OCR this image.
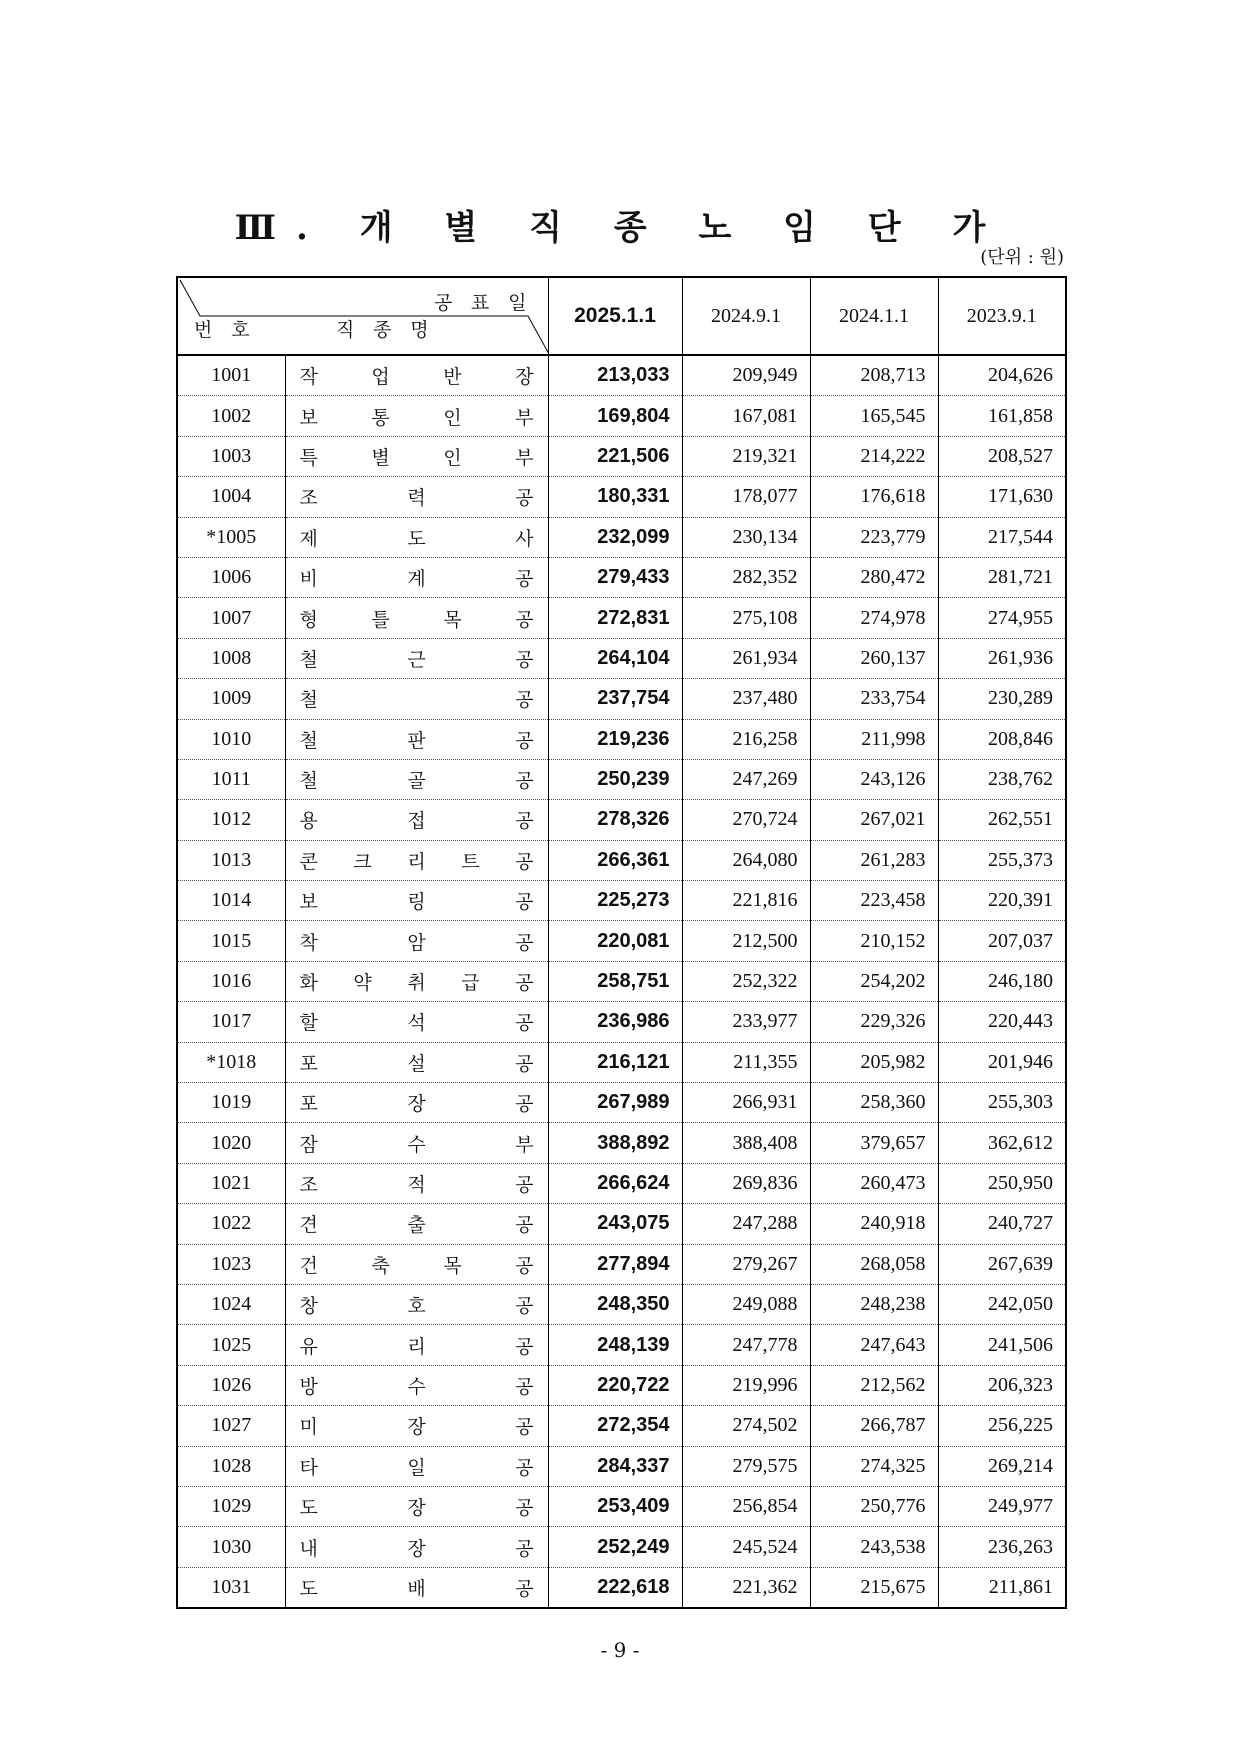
Ⅲ. 개 별 직 종 노 임 단 가
(단위 : 원)
공 표 일
번 호 직 종 명		2025.1.1	2024.9.1	2024.1.1	2023.9.1
1001	작 업 반 장	213,033	209,949	208,713	204,626
1002	보 통 인 부	169,804	167,081	165,545	161,858
1003	특 별 인 부	221,506	219,321	214,222	208,527
1004	조 력 공	180,331	178,077	176,618	171,630
*1005	제 도 사	232,099	230,134	223,779	217,544
1006	비 계 공	279,433	282,352	280,472	281,721
1007	형 틀 목 공	272,831	275,108	274,978	274,955
1008	철 근 공	264,104	261,934	260,137	261,936
1009	철 공	237,754	237,480	233,754	230,289
1010	철 판 공	219,236	216,258	211,998	208,846
1011	철 골 공	250,239	247,269	243,126	238,762
1012	용 접 공	278,326	270,724	267,021	262,551
1013	콘 크 리 트 공	266,361	264,080	261,283	255,373
1014	보 링 공	225,273	221,816	223,458	220,391
1015	착 암 공	220,081	212,500	210,152	207,037
1016	화 약 취 급 공	258,751	252,322	254,202	246,180
1017	할 석 공	236,986	233,977	229,326	220,443
*1018	포 설 공	216,121	211,355	205,982	201,946
1019	포 장 공	267,989	266,931	258,360	255,303
1020	잠 수 부	388,892	388,408	379,657	362,612
1021	조 적 공	266,624	269,836	260,473	250,950
1022	견 출 공	243,075	247,288	240,918	240,727
1023	건 축 목 공	277,894	279,267	268,058	267,639
1024	창 호 공	248,350	249,088	248,238	242,050
1025	유 리 공	248,139	247,778	247,643	241,506
1026	방 수 공	220,722	219,996	212,562	206,323
1027	미 장 공	272,354	274,502	266,787	256,225
1028	타 일 공	284,337	279,575	274,325	269,214
1029	도 장 공	253,409	256,854	250,776	249,977
1030	내 장 공	252,249	245,524	243,538	236,263
1031	도 배 공	222,618	221,362	215,675	211,861
- 9 -
